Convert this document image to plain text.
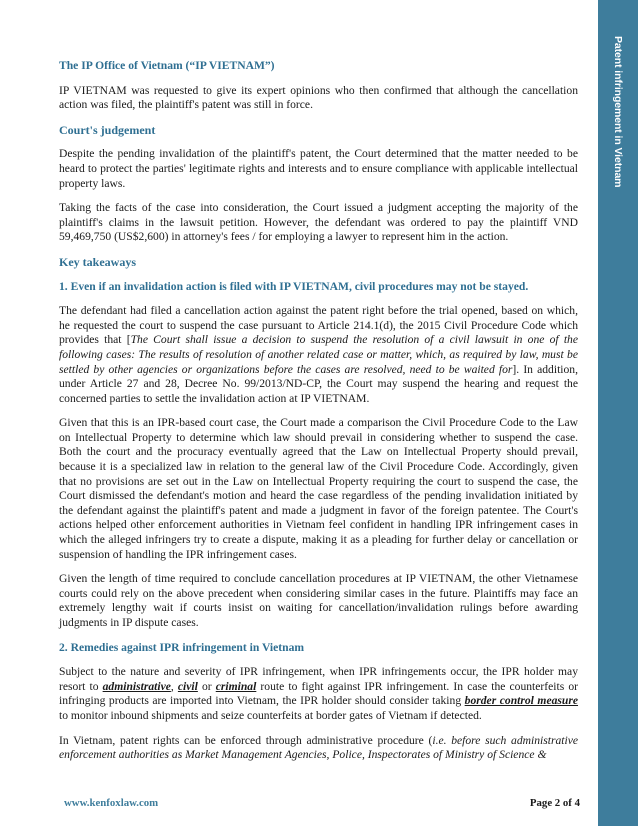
Patent infringement in Vietnam
The IP Office of Vietnam (“IP VIETNAM”)

IP VIETNAM was requested to give its expert opinions who then confirmed that although the cancellation action was filed, the plaintiff's patent was still in force.

Court's judgement

Despite the pending invalidation of the plaintiff's patent, the Court determined that the matter needed to be heard to protect the parties' legitimate rights and interests and to ensure compliance with applicable intellectual property laws.

Taking the facts of the case into consideration, the Court issued a judgment accepting the majority of the plaintiff's claims in the lawsuit petition. However, the defendant was ordered to pay the plaintiff VND 59,469,750 (US$2,600) in attorney's fees / for employing a lawyer to represent him in the action.

Key takeaways
1. Even if an invalidation action is filed with IP VIETNAM, civil procedures may not be stayed.

The defendant had filed a cancellation action against the patent right before the trial opened, based on which, he requested the court to suspend the case pursuant to Article 214.1(d), the 2015 Civil Procedure Code which provides that [The Court shall issue a decision to suspend the resolution of a civil lawsuit in one of the following cases: The results of resolution of another related case or matter, which, as required by law, must be settled by other agencies or organizations before the cases are resolved, need to be waited for]. In addition, under Article 27 and 28, Decree No. 99/2013/ND-CP, the Court may suspend the hearing and request the concerned parties to settle the invalidation action at IP VIETNAM.

Given that this is an IPR-based court case, the Court made a comparison the Civil Procedure Code to the Law on Intellectual Property to determine which law should prevail in considering whether to suspend the case. Both the court and the procuracy eventually agreed that the Law on Intellectual Property should prevail, because it is a specialized law in relation to the general law of the Civil Procedure Code. Accordingly, given that no provisions are set out in the Law on Intellectual Property requiring the court to suspend the case, the Court dismissed the defendant's motion and heard the case regardless of the pending invalidation initiated by the defendant against the plaintiff's patent and made a judgment in favor of the foreign patentee. The Court's actions helped other enforcement authorities in Vietnam feel confident in handling IPR infringement cases in which the alleged infringers try to create a dispute, making it as a pleading for further delay or cancellation or suspension of handling the IPR infringement cases.

Given the length of time required to conclude cancellation procedures at IP VIETNAM, the other Vietnamese courts could rely on the above precedent when considering similar cases in the future. Plaintiffs may face an extremely lengthy wait if courts insist on waiting for cancellation/invalidation rulings before awarding judgments in IP dispute cases.

2. Remedies against IPR infringement in Vietnam

Subject to the nature and severity of IPR infringement, when IPR infringements occur, the IPR holder may resort to administrative, civil or criminal route to fight against IPR infringement. In case the counterfeits or infringing products are imported into Vietnam, the IPR holder should consider taking border control measure to monitor inbound shipments and seize counterfeits at border gates of Vietnam if detected.

In Vietnam, patent rights can be enforced through administrative procedure (i.e. before such administrative enforcement authorities as Market Management Agencies, Police, Inspectorates of Ministry of Science &

www.kenfoxlaw.com	Page 2 of 4
